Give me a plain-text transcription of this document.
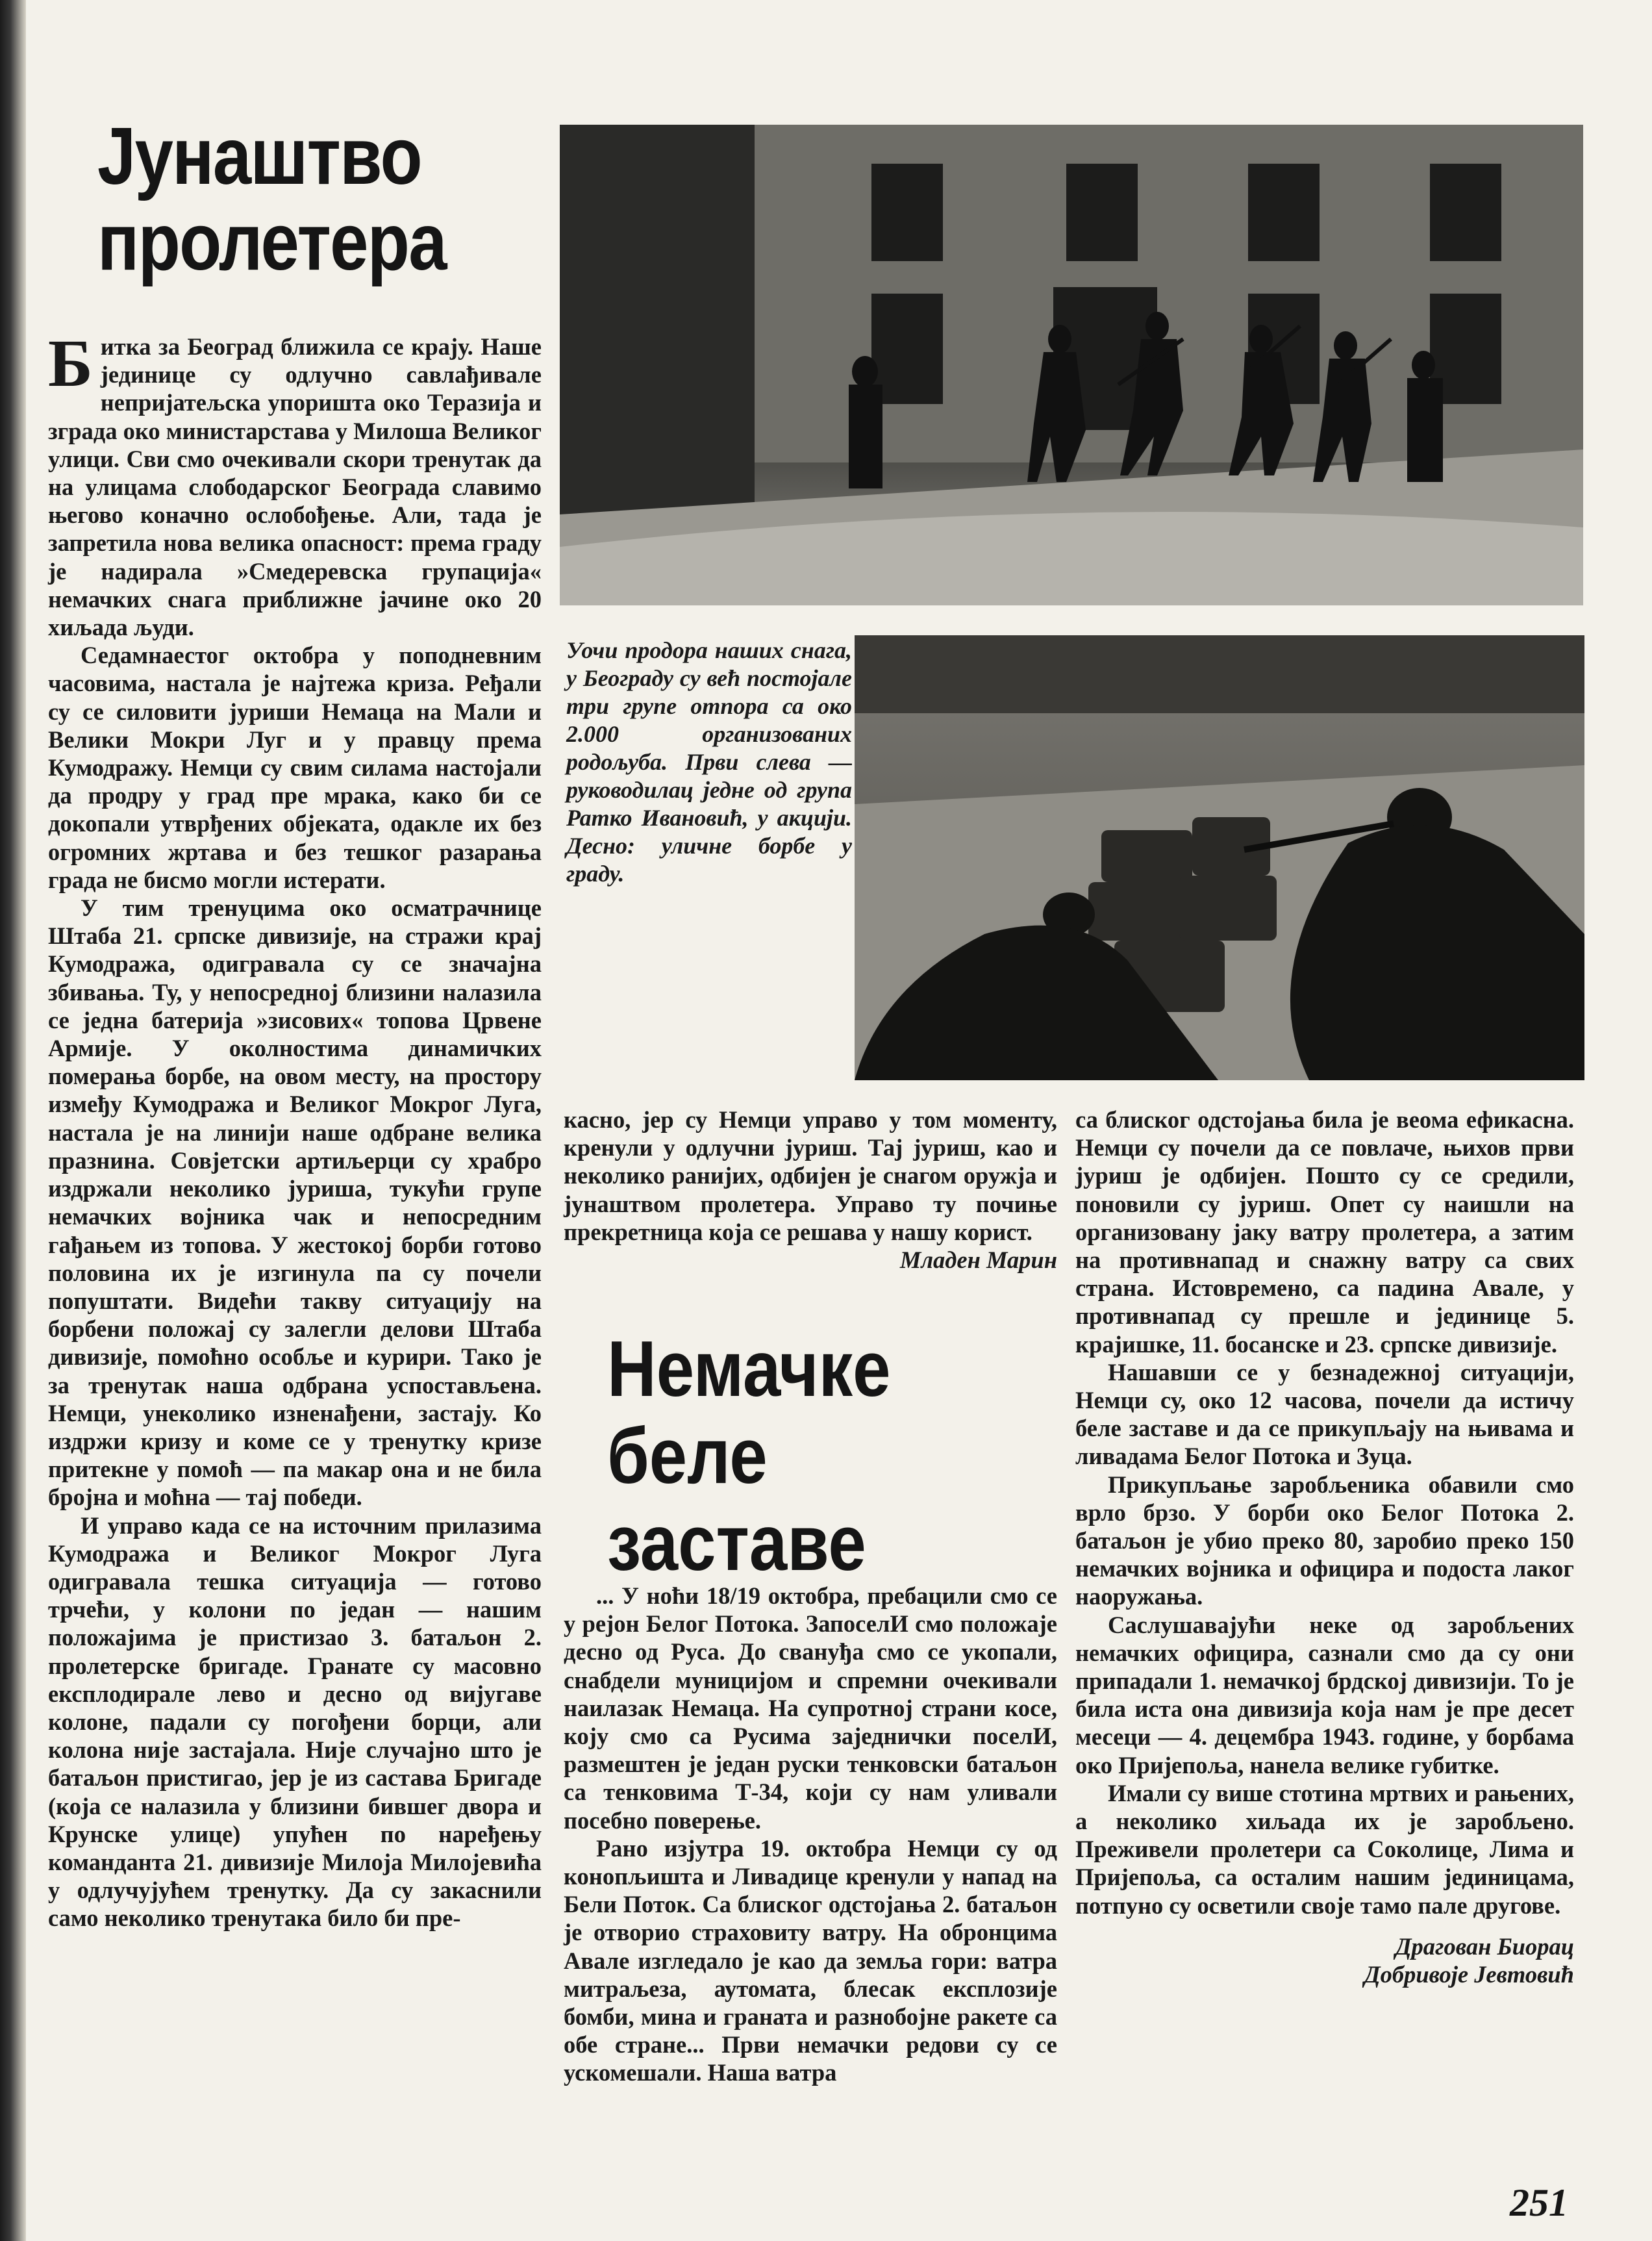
Јунаштво
пролетера
Уочи продора наших снага, у Београду су већ постојале три групе отпора са око 2.000 организованих родољуба. Први слева — руководилац једне од група Ратко Ивановић, у акцији. Десно: уличне борбе у граду.

Битка за Београд ближила се крају. Наше јединице су одлучно савлађивале непријатељска упоришта око Теразија и зграда око министарстава у Милоша Великог улици. Сви смо очекивали скори тренутак да на улицама слободарског Београда славимо његово коначно ослобођење. Али, тада је запретила нова велика опасност: према граду је надирала »Смедеревска групација« немачких снага приближне јачине око 20 хиљада људи.

Седамнаестог октобра у поподневним часовима, настала је најтежа криза. Ређали су се силовити јуриши Немаца на Мали и Велики Мокри Луг и у правцу према Кумодражу. Немци су свим силама настојали да продру у град пре мрака, како би се докопали утврђених објеката, одакле их без огромних жртава и без тешког разарања града не бисмо могли истерати.

У тим тренуцима око осматрачнице Штаба 21. српске дивизије, на стражи крај Кумодража, одигравала су се значајна збивања. Ту, у непосредној близини налазила се једна батерија »зисових« топова Црвене Армије. У околностима динамичких померања борбе, на овом месту, на простору између Кумодража и Великог Мокрог Луга, настала је на линији наше одбране велика празнина. Совјетски артиљерци су храбро издржали неколико јуриша, тукући групе немачких војника чак и непосредним гађањем из топова. У жестокој борби готово половина их је изгинула па су почели попуштати. Видећи такву ситуацију на борбени положај су залегли делови Штаба дивизије, помоћно особље и курири. Тако је за тренутак наша одбрана успостављена. Немци, унеколико изненађени, застају. Ко издржи кризу и коме се у тренутку кризе притекне у помоћ — па макар она и не била бројна и моћна — тај победи.

И управо када се на источним прилазима Кумодража и Великог Мокрог Луга одигравала тешка ситуација — готово трчећи, у колони по један — нашим положајима је пристизао 3. батаљон 2. пролетерске бригаде. Гранате су масовно експлодирале лево и десно од вијугаве колоне, падали су погођени борци, али колона није застајала. Није случајно што је батаљон пристигао, јер је из састава Бригаде (која се налазила у близини бившег двора и Крунске улице) упућен по наређењу команданта 21. дивизије Милоја Милојевића у одлучујућем тренутку. Да су закаснили само неколико тренутака било би пре-

касно, јер су Немци управо у том моменту, кренули у одлучни јуриш. Тај јуриш, као и неколико ранијих, одбијен је снагом оружја и јунаштвом пролетера. Управо ту почиње прекретница која се решава у нашу корист.

Младен Марин

Немачке
беле
заставе

... У ноћи 18/19 октобра, пребацили смо се у рејон Белог Потока. ЗапоселИ смо положаје десно од Руса. До свануђа смо се укопали, снабдели муницијом и спремни очекивали наилазак Немаца. На супротној страни косе, коју смо са Русима заједнички поселИ, размештен је један руски тенковски батаљон са тенковима Т-34, који су нам уливали посебно поверење.

Рано изјутра 19. октобра Немци су од конопљишта и Ливадице кренули у напад на Бели Поток. Са блиског одстојања 2. батаљон је отворио страховиту ватру. На обронцима Авале изгледало је као да земља гори: ватра митраљеза, аутомата, блесак експлозије бомби, мина и граната и разнобојне ракете са обе стране... Први немачки редови су се ускомешали. Наша ватра

са блиског одстојања била је веома ефикасна. Немци су почели да се повлаче, њихов први јуриш је одбијен. Пошто су се средили, поновили су јуриш. Опет су наишли на организовану јаку ватру пролетера, а затим на противнапад и снажну ватру са свих страна. Истовремено, са падина Авале, у противнапад су прешле и јединице 5. крајишке, 11. босанске и 23. српске дивизије.

Нашавши се у безнадежној ситуацији, Немци су, око 12 часова, почели да истичу беле заставе и да се прикупљају на њивама и ливадама Белог Потока и Зуца.

Прикупљање заробљеника обавили смо врло брзо. У борби око Белог Потока 2. батаљон је убио преко 80, заробио преко 150 немачких војника и официра и подоста лаког наоружања.

Саслушавајући неке од заробљених немачких официра, сазнали смо да су они припадали 1. немачкој брдској дивизији. То је била иста она дивизија која нам је пре десет месеци — 4. децембра 1943. године, у борбама око Пријепоља, нанела велике губитке.

Имали су више стотина мртвих и рањених, а неколико хиљада их је заробљено. Преживели пролетери са Соколице, Лима и Пријепоља, са осталим нашим јединицама, потпуно су осветили своје тамо пале другове.

Драгован Биорац

Добривоје Јевтовић

251
